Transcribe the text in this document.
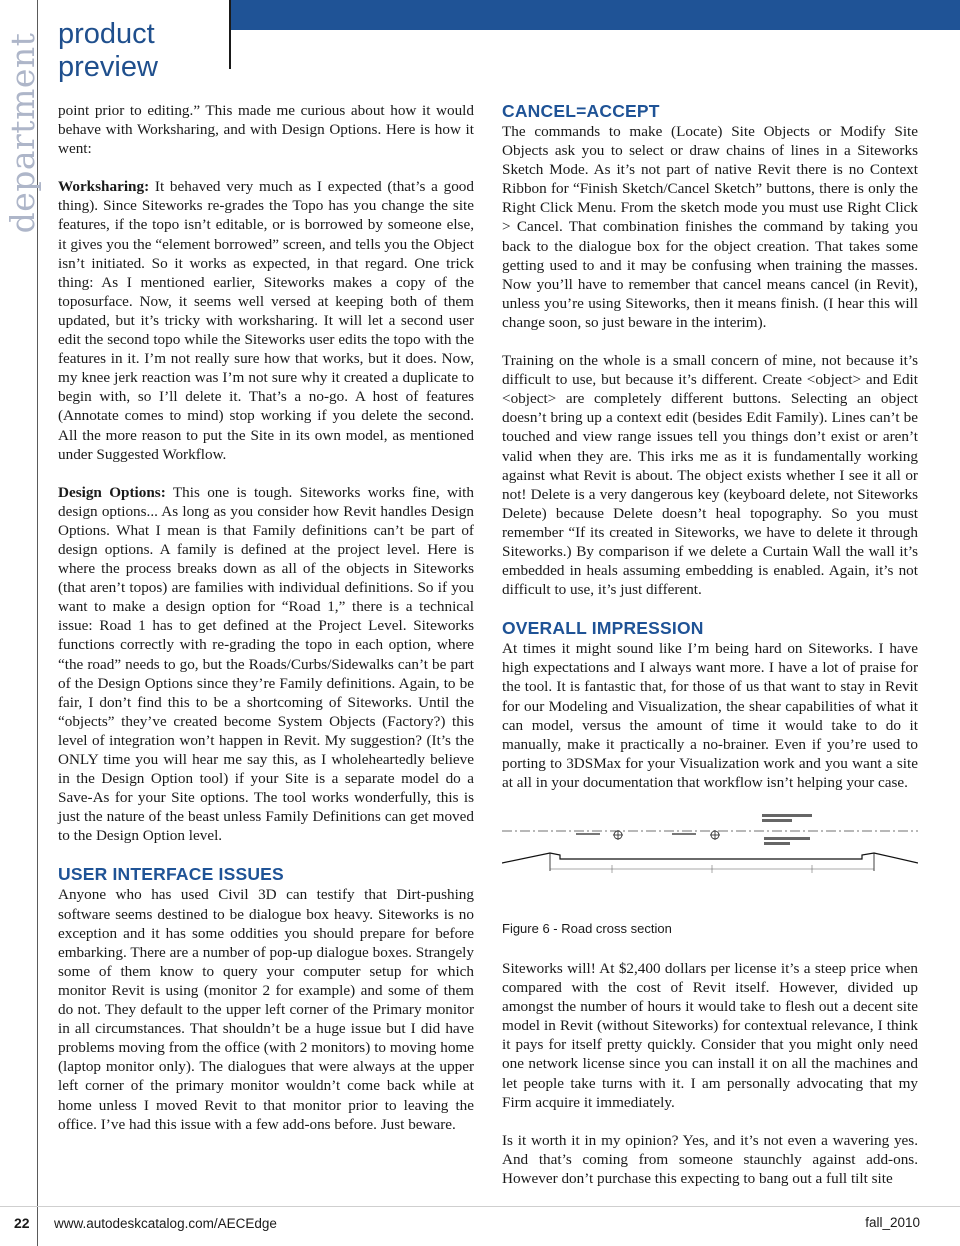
department product
preview

point prior to editing.” This made me curious about how it would behave with Worksharing, and with Design Options. Here is how it went:

Worksharing: It behaved very much as I expected (that’s a good thing). Since Siteworks re-grades the Topo has you change the site features, if the topo isn’t editable, or is borrowed by someone else, it gives you the “element borrowed” screen, and tells you the Object isn’t initiated. So it works as expected, in that regard. One trick thing: As I mentioned earlier, Siteworks makes a copy of the toposurface. Now, it seems well versed at keeping both of them updated, but it’s tricky with worksharing. It will let a second user edit the second topo while the Siteworks user edits the topo with the features in it. I’m not really sure how that works, but it does. Now, my knee jerk reaction was I’m not sure why it created a duplicate to begin with, so I’ll delete it. That’s a no-go. A host of features (Annotate comes to mind) stop working if you delete the second. All the more reason to put the Site in its own model, as mentioned under Suggested Workflow.

Design Options: This one is tough. Siteworks works fine, with design options... As long as you consider how Revit handles Design Options. What I mean is that Family definitions can’t be part of design options. A family is defined at the project level. Here is where the process breaks down as all of the objects in Siteworks (that aren’t topos) are families with individual definitions. So if you want to make a design option for “Road 1,” there is a technical issue: Road 1 has to get defined at the Project Level. Siteworks functions correctly with re-grading the topo in each option, where “the road” needs to go, but the Roads/Curbs/Sidewalks can’t be part of the Design Options since they’re Family definitions. Again, to be fair, I don’t find this to be a shortcoming of Siteworks. Until the “objects” they’ve created become System Objects (Factory?) this level of integration won’t happen in Revit. My suggestion? (It’s the ONLY time you will hear me say this, as I wholeheartedly believe in the Design Option tool) if your Site is a separate model do a Save-As for your Site options. The tool works wonderfully, this is just the nature of the beast unless Family Definitions can get moved to the Design Option level.

USER INTERFACE ISSUES

Anyone who has used Civil 3D can testify that Dirt-pushing software seems destined to be dialogue box heavy. Siteworks is no exception and it has some oddities you should prepare for before embarking. There are a number of pop-up dialogue boxes. Strangely some of them know to query your computer setup for which monitor Revit is using (monitor 2 for example) and some of them do not. They default to the upper left corner of the Primary monitor in all circumstances. That shouldn’t be a huge issue but I did have problems moving from the office (with 2 monitors) to moving home (laptop monitor only). The dialogues that were always at the upper left corner of the primary monitor wouldn’t come back while at home unless I moved Revit to that monitor prior to leaving the office. I’ve had this issue with a few add-ons before. Just beware.

CANCEL=ACCEPT

The commands to make (Locate) Site Objects or Modify Site Objects ask you to select or draw chains of lines in a Siteworks Sketch Mode. As it’s not part of native Revit there is no Context Ribbon for “Finish Sketch/Cancel Sketch” buttons, there is only the Right Click Menu. From the sketch mode you must use Right Click > Cancel. That combination finishes the command by taking you back to the dialogue box for the object creation. That takes some getting used to and it may be confusing when training the masses. Now you’ll have to remember that cancel means cancel (in Revit), unless you’re using Siteworks, then it means finish. (I hear this will change soon, so just beware in the interim).

Training on the whole is a small concern of mine, not because it’s difficult to use, but because it’s different. Create <object> and Edit <object> are completely different buttons. Selecting an object doesn’t bring up a context edit (besides Edit Family). Lines can’t be touched and view range issues tell you things don’t exist or aren’t valid when they are. This irks me as it is fundamentally working against what Revit is about. The object exists whether I see it all or not! Delete is a very dangerous key (keyboard delete, not Siteworks Delete) because Delete doesn’t heal topography. So you must remember “If its created in Siteworks, we have to delete it through Siteworks.) By comparison if we delete a Curtain Wall the wall it’s embedded in heals assuming embedding is enabled. Again, it’s not difficult to use, it’s just different.

OVERALL IMPRESSION

At times it might sound like I’m being hard on Siteworks. I have high expectations and I always want more. I have a lot of praise for the tool. It is fantastic that, for those of us that want to stay in Revit for our Modeling and Visualization, the shear capabilities of what it can model, versus the amount of time it would take to do it manually, make it practically a no-brainer. Even if you’re used to porting to 3DSMax for your Visualization work and you want a site at all in your documentation that workflow isn’t helping your case.

Figure 6 - Road cross section

Siteworks will! At $2,400 dollars per license it’s a steep price when compared with the cost of Revit itself. However, divided up amongst the number of hours it would take to flesh out a decent site model in Revit (without Siteworks) for contextual relevance, I think it pays for itself pretty quickly. Consider that you might only need one network license since you can install it on all the machines and let people take turns with it. I am personally advocating that my Firm acquire it immediately.

Is it worth it in my opinion? Yes, and it’s not even a wavering yes. And that’s coming from someone staunchly against add-ons. However don’t purchase this expecting to bang out a full tilt site

22 www.autodeskcatalog.com/AECEdge	fall_2010
